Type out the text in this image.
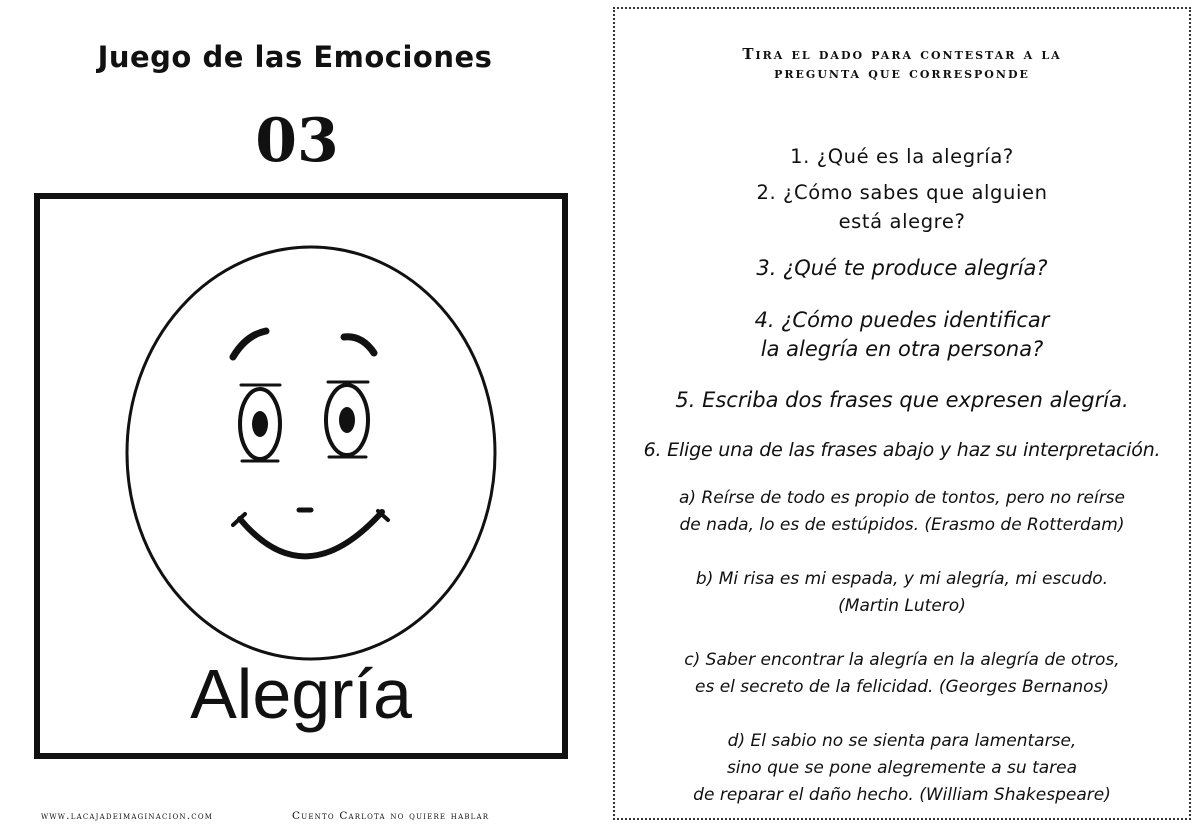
Juego de las Emociones
03
Alegría
www.lacajadeimaginacion.com	Cuento Carlota no quiere hablar
Tira el dado para contestar a la
pregunta que corresponde
1. ¿Qué es la alegría?
2. ¿Cómo sabes que alguien
está alegre?
3. ¿Qué te produce alegría?
4. ¿Cómo puedes identificar
la alegría en otra persona?
5. Escriba dos frases que expresen alegría.
6. Elige una de las frases abajo y haz su interpretación.
a) Reírse de todo es propio de tontos, pero no reírse
de nada, lo es de estúpidos. (Erasmo de Rotterdam)
b) Mi risa es mi espada, y mi alegría, mi escudo.
(Martin Lutero)
c) Saber encontrar la alegría en la alegría de otros,
es el secreto de la felicidad. (Georges Bernanos)
d) El sabio no se sienta para lamentarse,
sino que se pone alegremente a su tarea
de reparar el daño hecho. (William Shakespeare)
